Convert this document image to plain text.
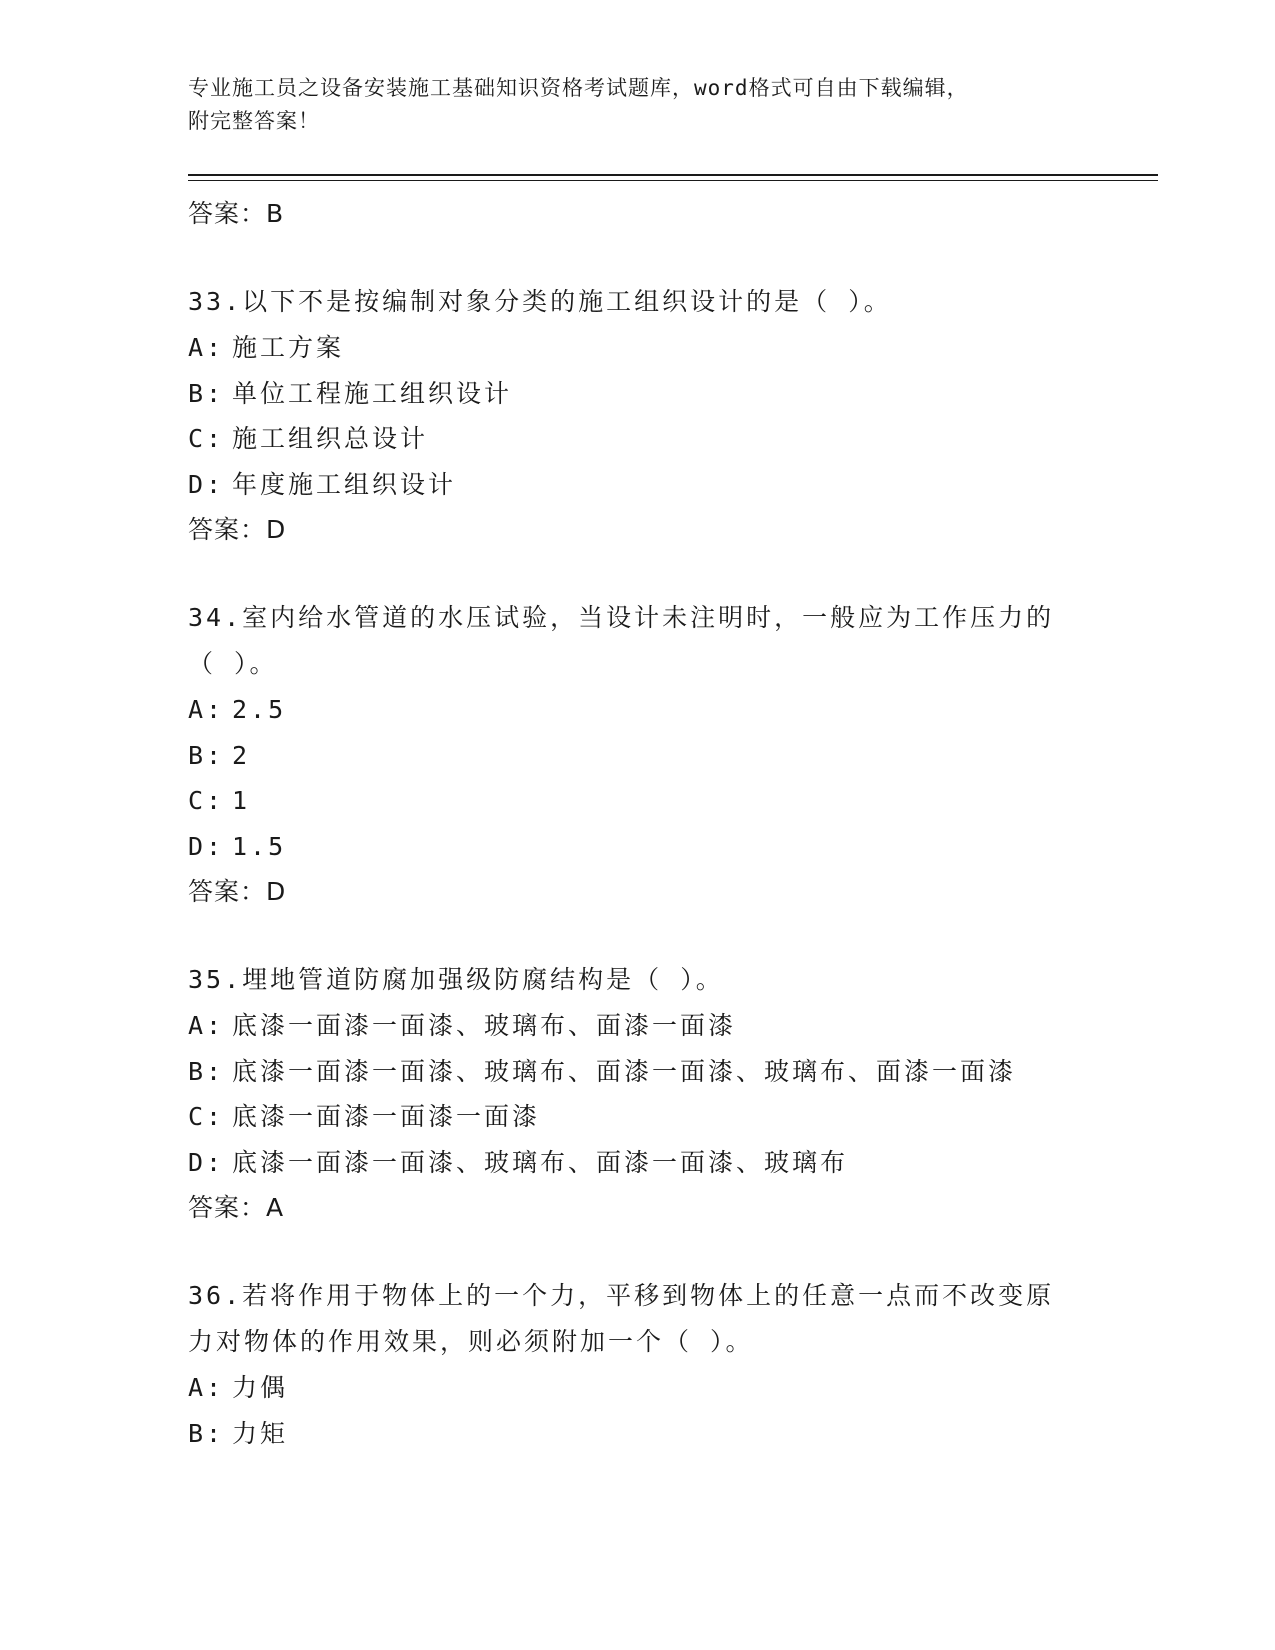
专业施工员之设备安装施工基础知识资格考试题库，word格式可自由下载编辑，

附完整答案！

答案：B

33.以下不是按编制对象分类的施工组织设计的是（ ）。

A: 施工方案

B: 单位工程施工组织设计

C: 施工组织总设计

D: 年度施工组织设计

答案：D

34.室内给水管道的水压试验，当设计未注明时，一般应为工作压力的

（ ）。

A: 2.5

B: 2

C: 1

D: 1.5

答案：D

35.埋地管道防腐加强级防腐结构是（ ）。

A: 底漆一面漆一面漆、玻璃布、面漆一面漆

B: 底漆一面漆一面漆、玻璃布、面漆一面漆、玻璃布、面漆一面漆

C: 底漆一面漆一面漆一面漆

D: 底漆一面漆一面漆、玻璃布、面漆一面漆、玻璃布

答案：A

36.若将作用于物体上的一个力，平移到物体上的任意一点而不改变原

力对物体的作用效果，则必须附加一个（ ）。

A: 力偶

B: 力矩
